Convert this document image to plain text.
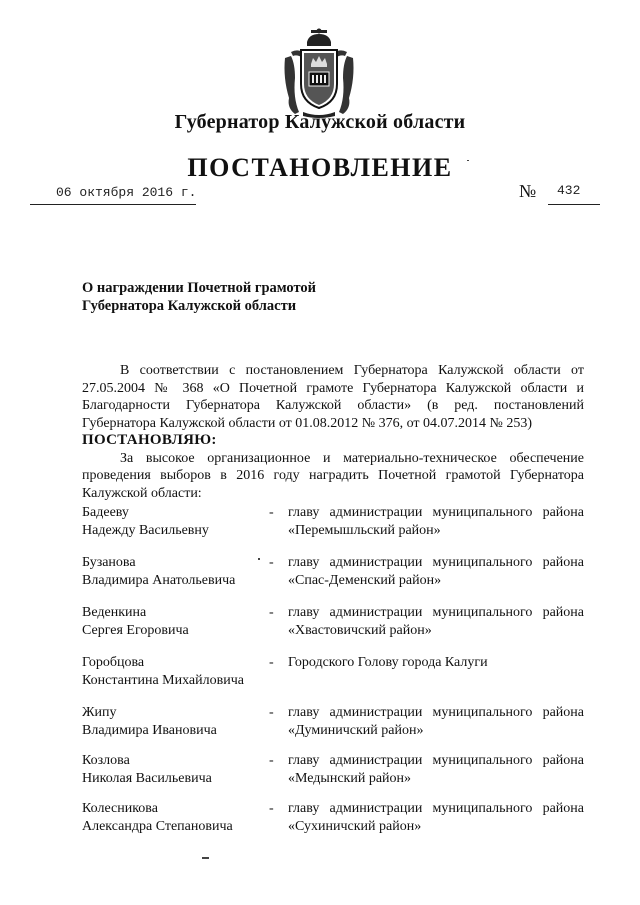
Губернатор Калужской области
ПОСТАНОВЛЕНИЕ
06 октября 2016 г.	№ 432
О награждении Почетной грамотой
Губернатора Калужской области
В соответствии с постановлением Губернатора Калужской области от 27.05.2004 № 368 «О Почетной грамоте Губернатора Калужской области и Благодарности Губернатора Калужской области» (в ред. постановлений Губернатора Калужской области от 01.08.2012 № 376, от 04.07.2014 № 253)
ПОСТАНОВЛЯЮ:
За высокое организационное и материально-техническое обеспечение проведения выборов в 2016 году наградить Почетной грамотой Губернатора Калужской области:
Бадееву
Надежду Васильевну
- главу администрации муниципального района
«Перемышльский район»
Бузанова
Владимира Анатольевича
- главу администрации муниципального района
«Спас-Деменский район»
Веденкина
Сергея Егоровича
- главу администрации муниципального района
«Хвастовичский район»
Горобцова
Константина Михайловича
- Городского Голову города Калуги
Жипу
Владимира Ивановича
- главу администрации муниципального района
«Думиничский район»
Козлова
Николая Васильевича
- главу администрации муниципального района
«Медынский район»
Колесникова
Александра Степановича
- главу администрации муниципального района
«Сухиничский район»
